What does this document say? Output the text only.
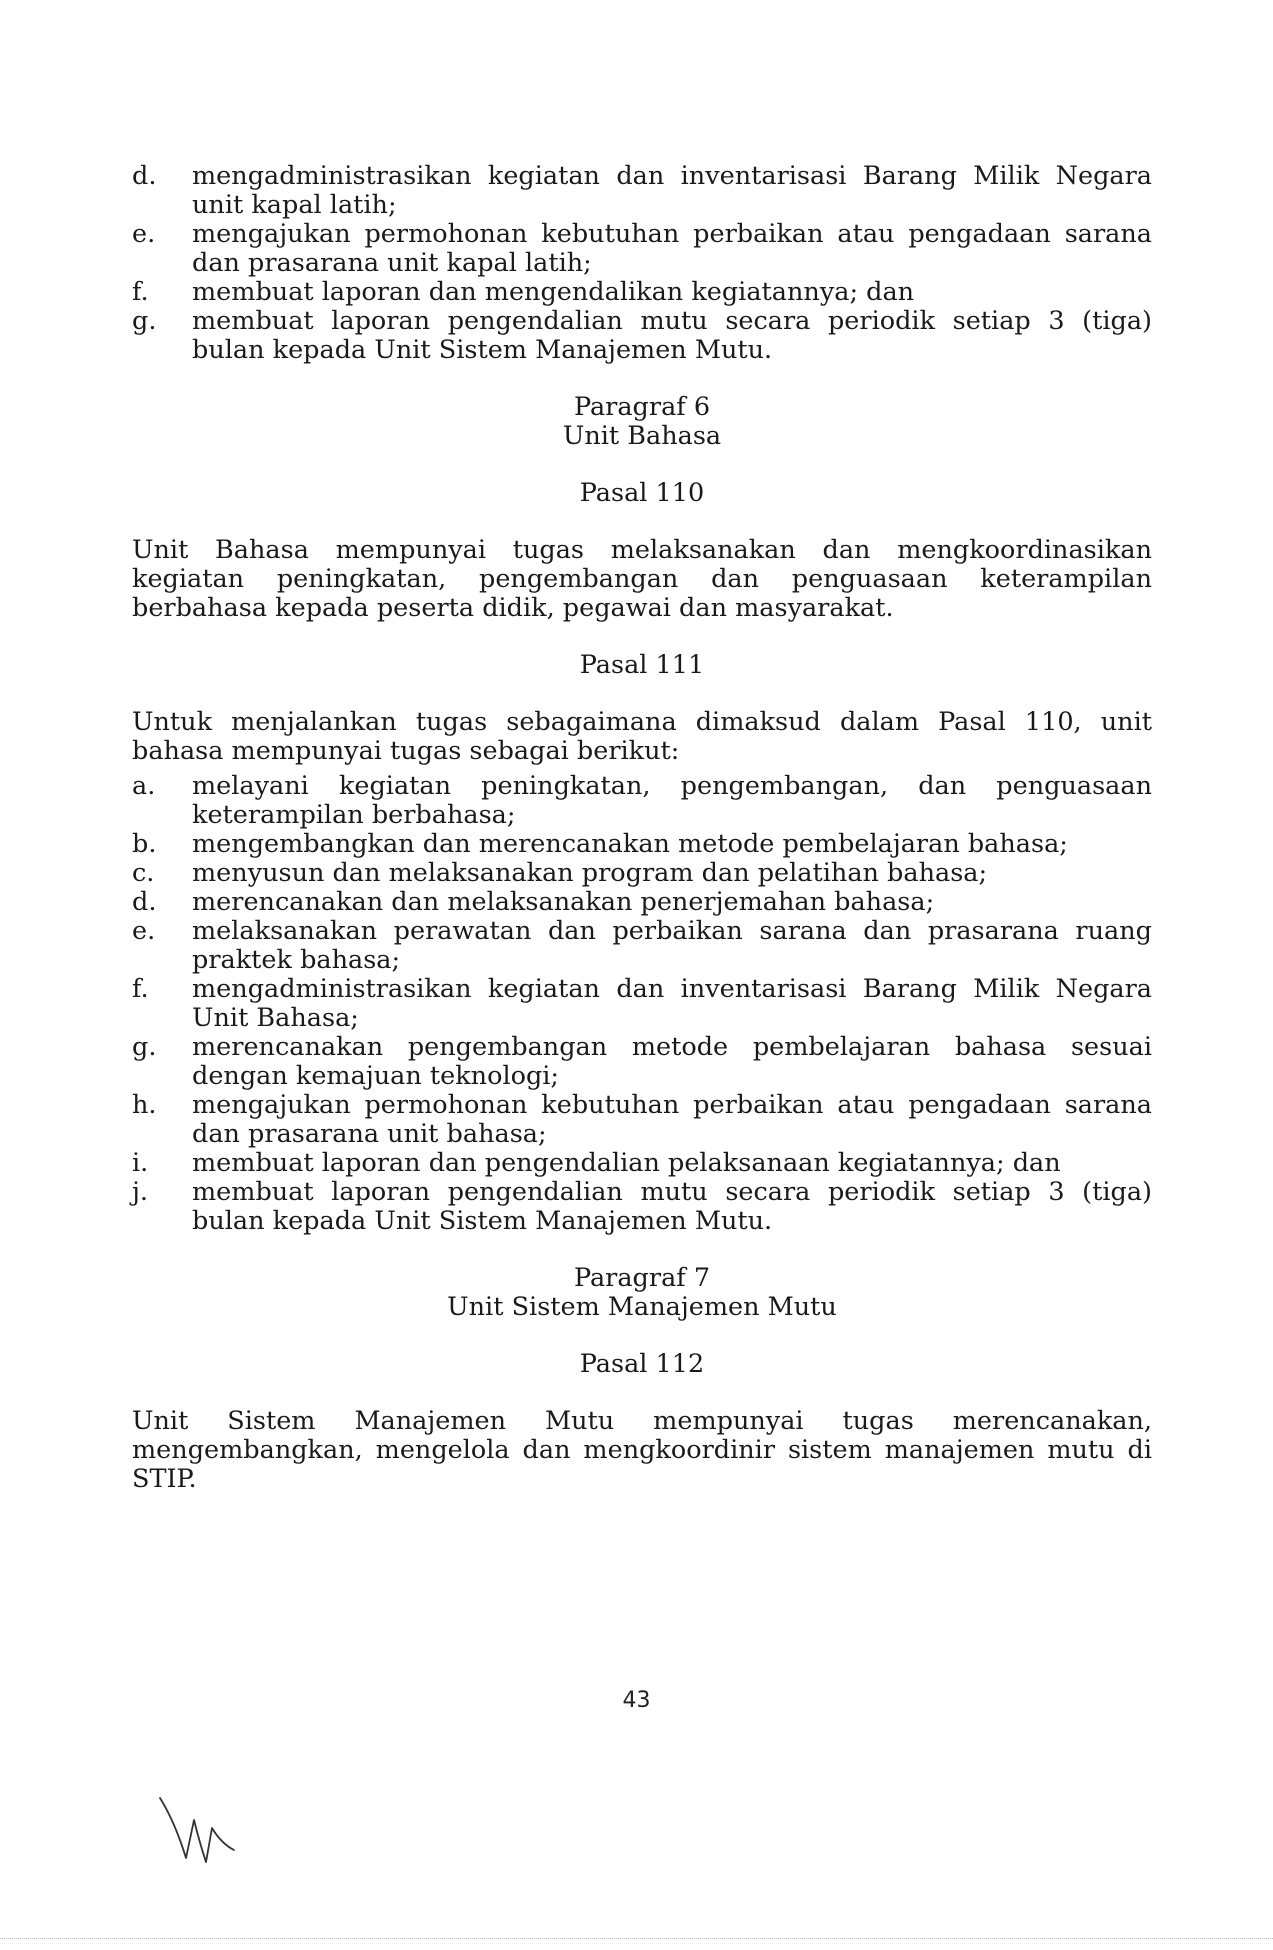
d.	mengadministrasikan kegiatan dan inventarisasi Barang Milik Negara unit kapal latih;
e.	mengajukan permohonan kebutuhan perbaikan atau pengadaan sarana dan prasarana unit kapal latih;
f.	membuat laporan dan mengendalikan kegiatannya; dan
g.	membuat laporan pengendalian mutu secara periodik setiap 3 (tiga) bulan kepada Unit Sistem Manajemen Mutu.

Paragraf 6

Unit Bahasa

Pasal 110

Unit Bahasa mempunyai tugas melaksanakan dan mengkoordinasikan kegiatan peningkatan, pengembangan dan penguasaan keterampilan berbahasa kepada peserta didik, pegawai dan masyarakat.

Pasal 111

Untuk menjalankan tugas sebagaimana dimaksud dalam Pasal 110, unit bahasa mempunyai tugas sebagai berikut:

a.	melayani kegiatan peningkatan, pengembangan, dan penguasaan keterampilan berbahasa;
b.	mengembangkan dan merencanakan metode pembelajaran bahasa;
c.	menyusun dan melaksanakan program dan pelatihan bahasa;
d.	merencanakan dan melaksanakan penerjemahan bahasa;
e.	melaksanakan perawatan dan perbaikan sarana dan prasarana ruang praktek bahasa;
f.	mengadministrasikan kegiatan dan inventarisasi Barang Milik Negara Unit Bahasa;
g.	merencanakan pengembangan metode pembelajaran bahasa sesuai dengan kemajuan teknologi;
h.	mengajukan permohonan kebutuhan perbaikan atau pengadaan sarana dan prasarana unit bahasa;
i.	membuat laporan dan pengendalian pelaksanaan kegiatannya; dan
j.	membuat laporan pengendalian mutu secara periodik setiap 3 (tiga) bulan kepada Unit Sistem Manajemen Mutu.

Paragraf 7

Unit Sistem Manajemen Mutu

Pasal 112

Unit Sistem Manajemen Mutu mempunyai tugas merencanakan, mengembangkan, mengelola dan mengkoordinir sistem manajemen mutu di STIP.

43
